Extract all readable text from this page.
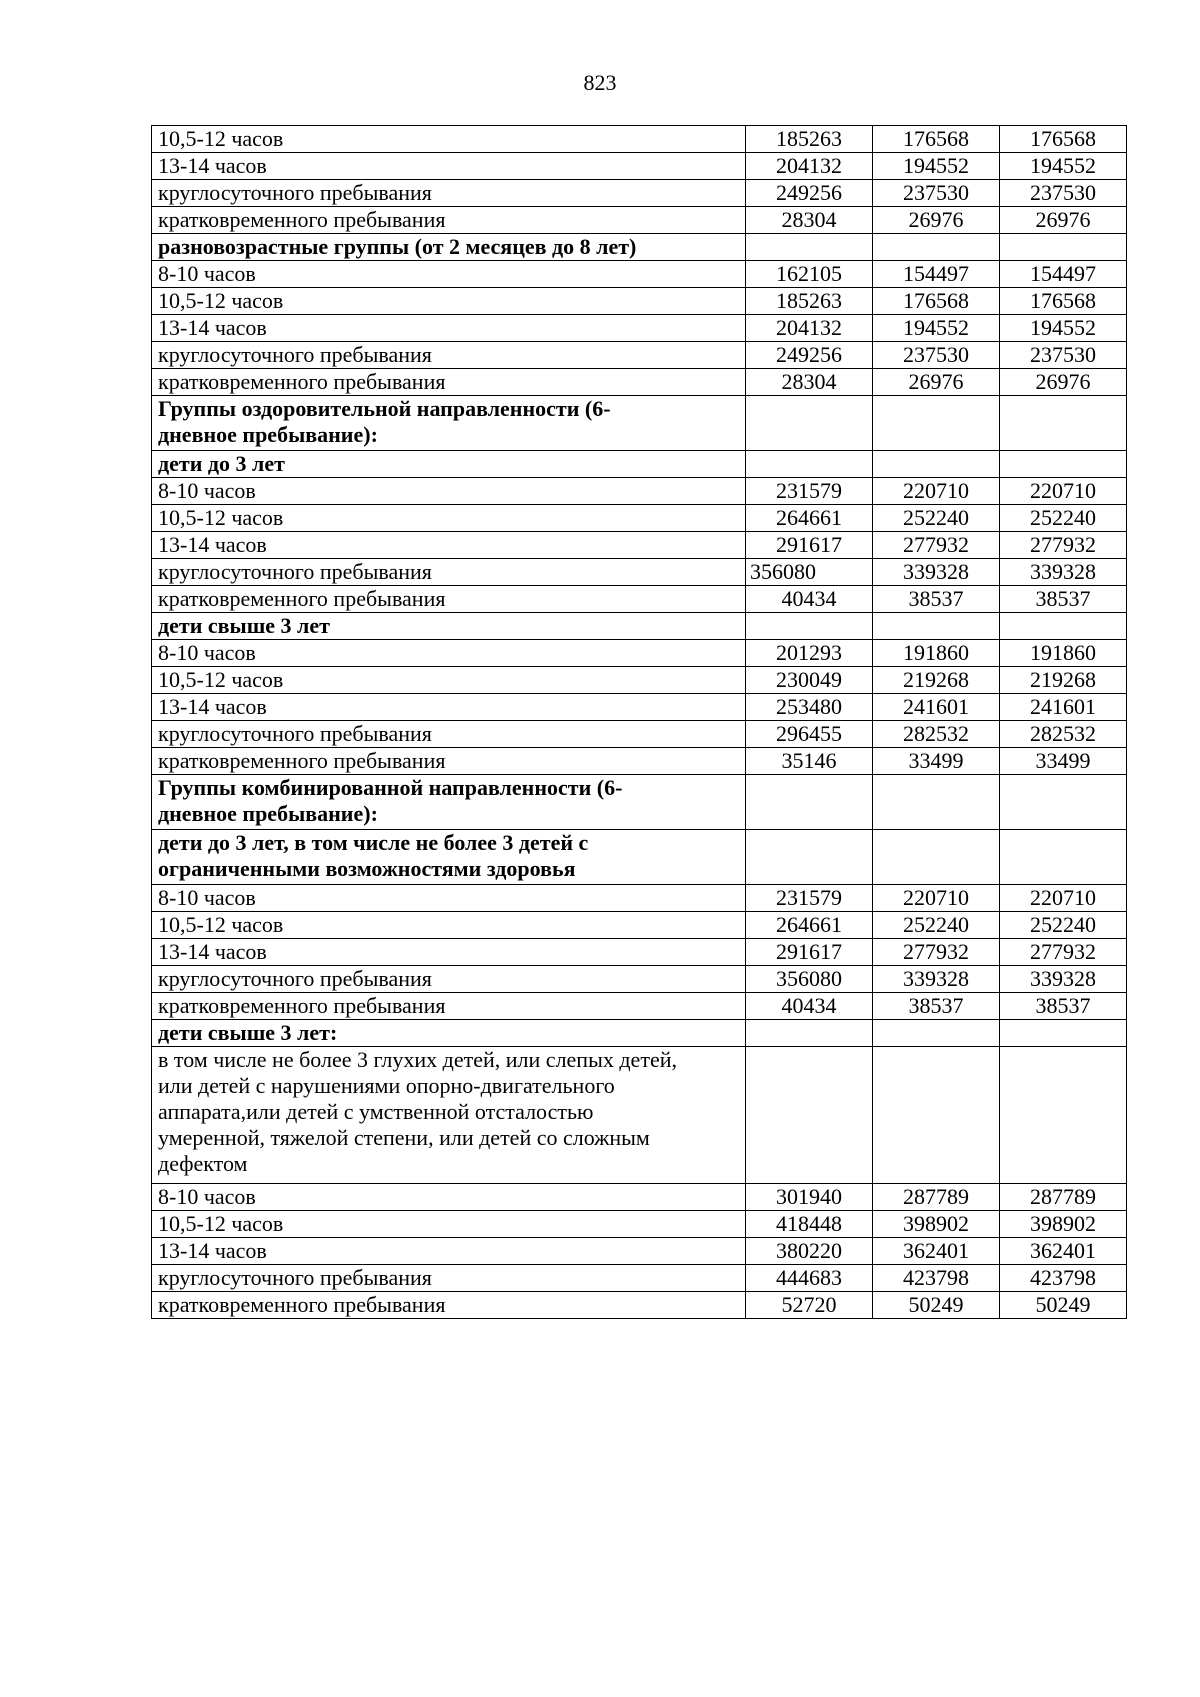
823
10,5-12 часов	185263	176568	176568

13-14 часов	204132	194552	194552

круглосуточного пребывания	249256	237530	237530

кратковременного пребывания	28304	26976	26976

разновозрастные группы (от 2 месяцев до 8 лет)			

8-10 часов	162105	154497	154497

10,5-12 часов	185263	176568	176568

13-14 часов	204132	194552	194552

круглосуточного пребывания	249256	237530	237530

кратковременного пребывания	28304	26976	26976

Группы оздоровительной направленности (6-
дневное пребывание):			

дети до 3 лет			

8-10 часов	231579	220710	220710

10,5-12 часов	264661	252240	252240

13-14 часов	291617	277932	277932

круглосуточного пребывания	356080	339328	339328

кратковременного пребывания	40434	38537	38537

дети свыше 3 лет			

8-10 часов	201293	191860	191860

10,5-12 часов	230049	219268	219268

13-14 часов	253480	241601	241601

круглосуточного пребывания	296455	282532	282532

кратковременного пребывания	35146	33499	33499

Группы комбинированной направленности (6-
дневное пребывание):			

дети до 3 лет, в том числе не более 3 детей с
ограниченными возможностями здоровья			

8-10 часов	231579	220710	220710

10,5-12 часов	264661	252240	252240

13-14 часов	291617	277932	277932

круглосуточного пребывания	356080	339328	339328

кратковременного пребывания	40434	38537	38537

дети свыше 3 лет:			

в том числе не более 3 глухих детей, или слепых детей,
или детей с нарушениями опорно-двигательного
аппарата,или детей с умственной отсталостью
умеренной, тяжелой степени, или детей со сложным
дефектом			

8-10 часов	301940	287789	287789

10,5-12 часов	418448	398902	398902

13-14 часов	380220	362401	362401

круглосуточного пребывания	444683	423798	423798

кратковременного пребывания	52720	50249	50249
